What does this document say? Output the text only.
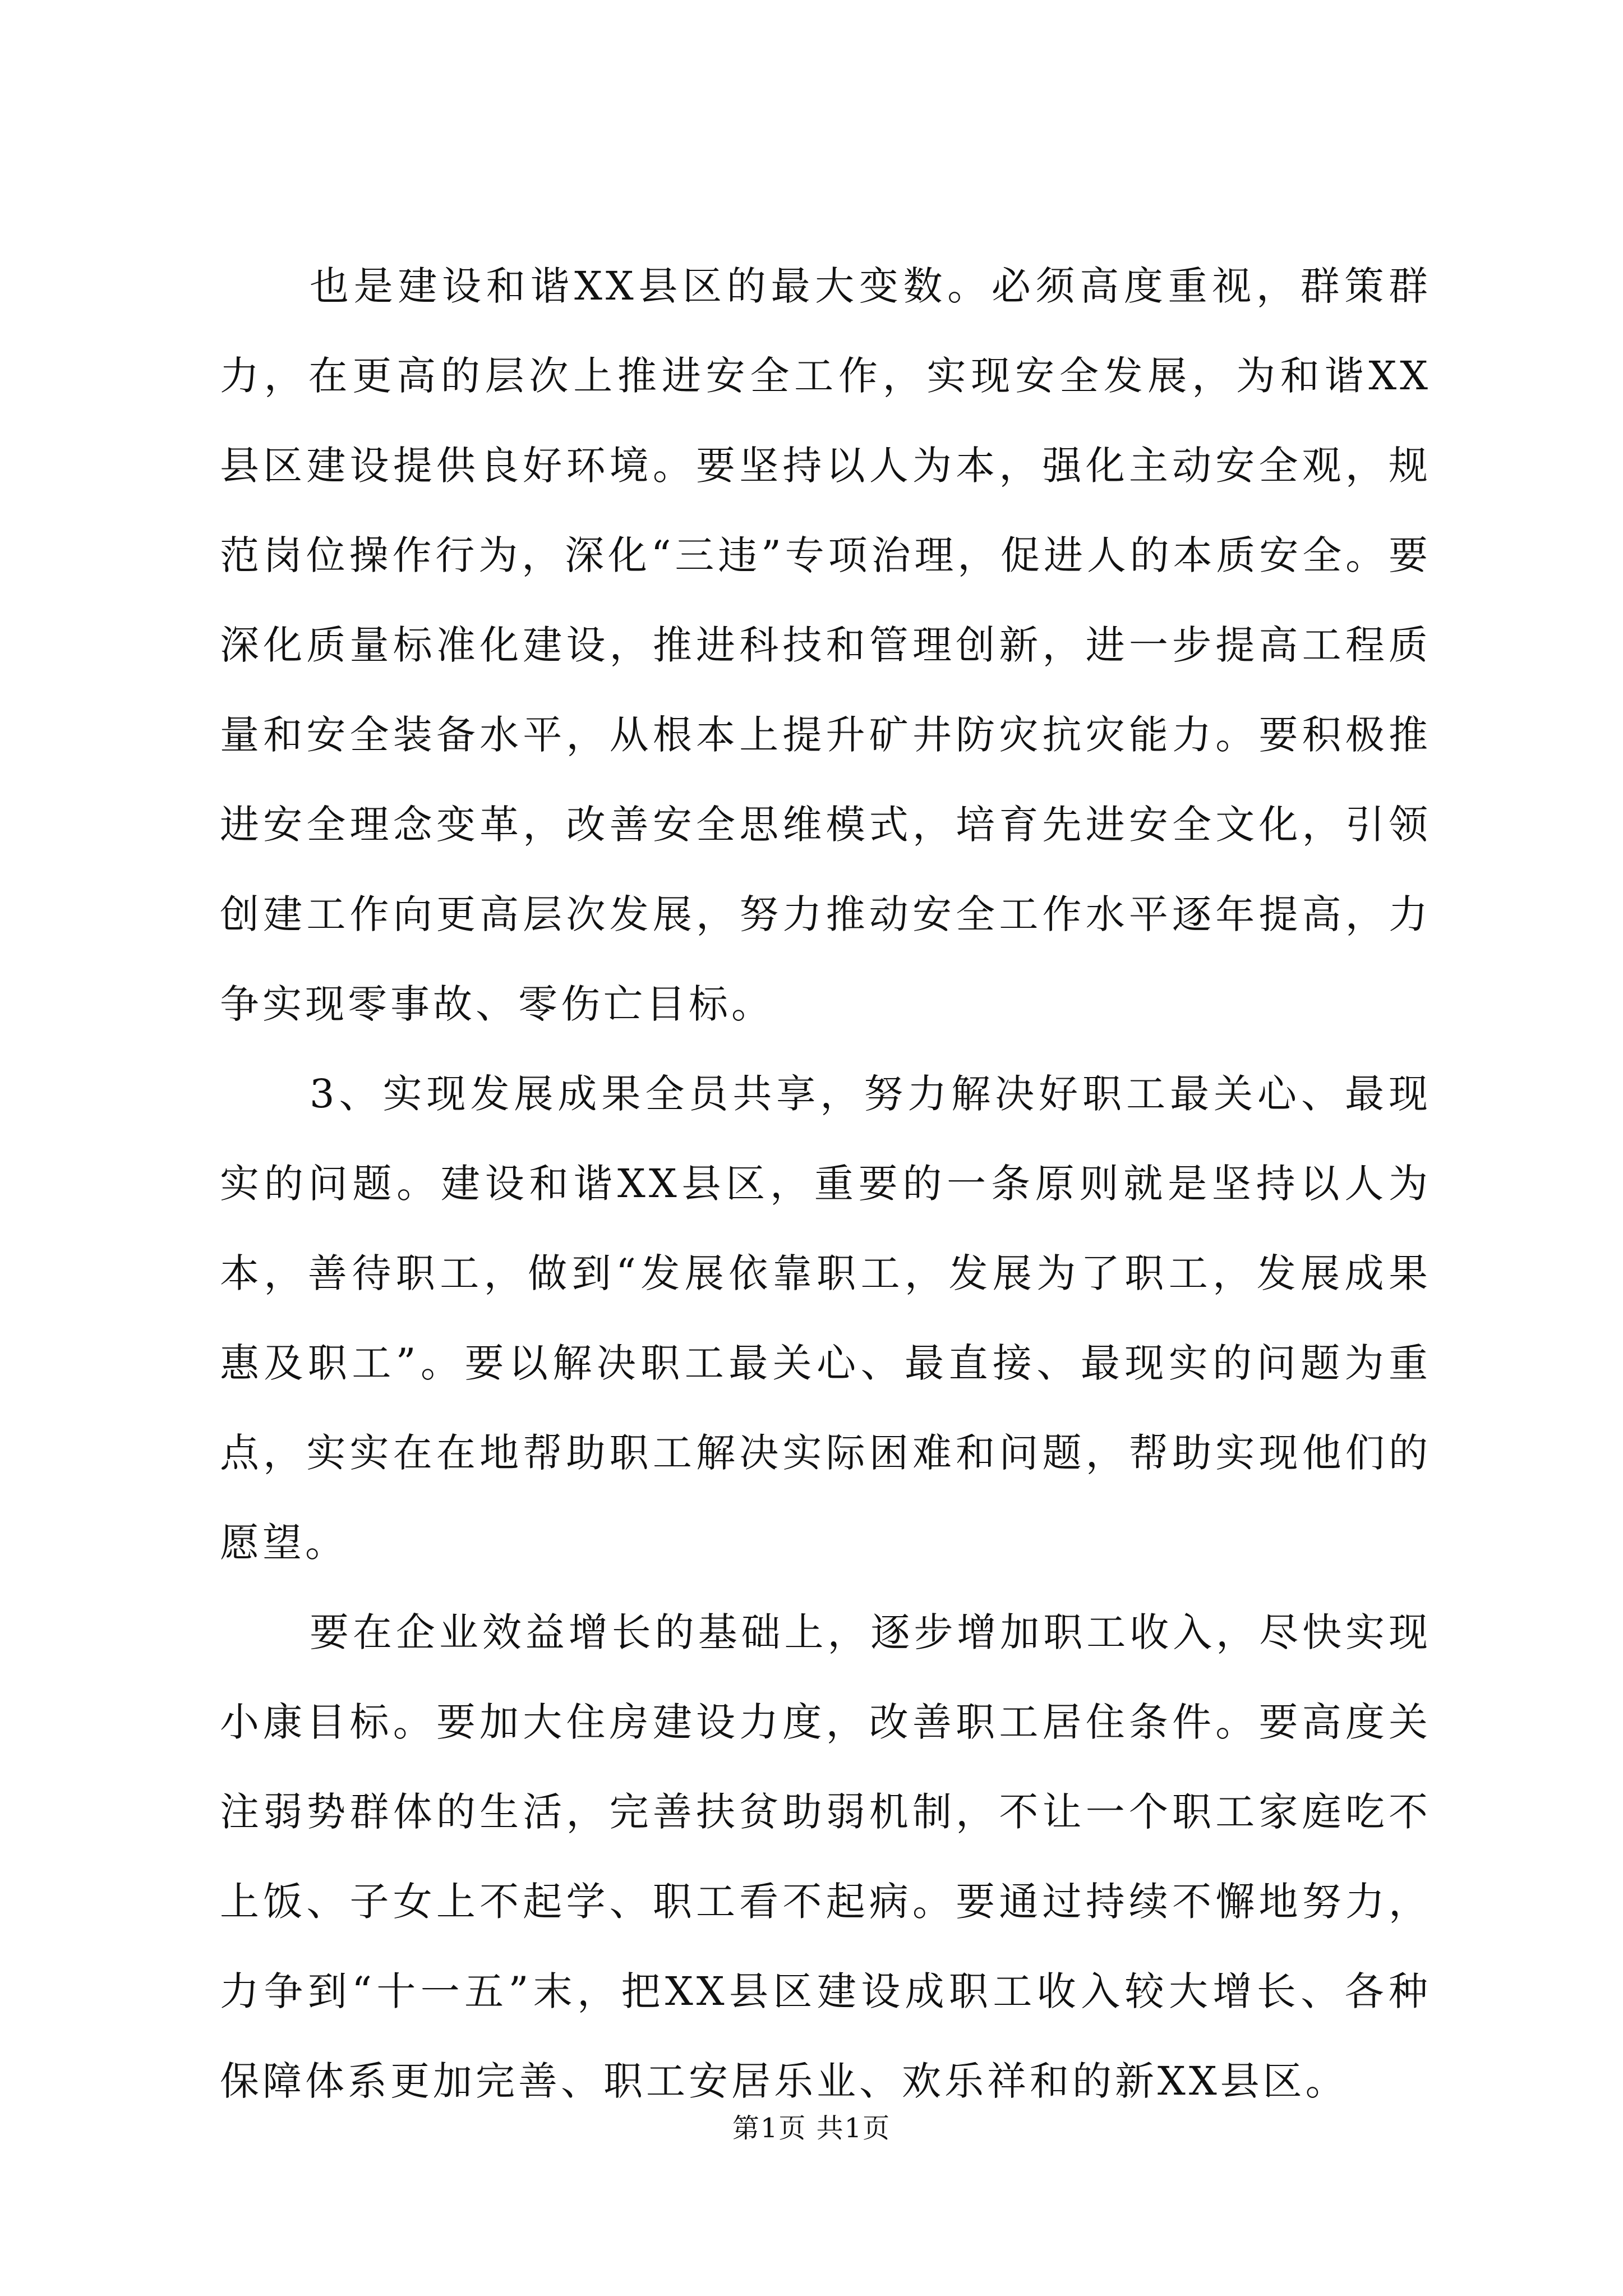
也是建设和谐XX县区的最大变数。必须高度重视，群策群力，在更高的层次上推进安全工作，实现安全发展，为和谐XX县区建设提供良好环境。要坚持以人为本，强化主动安全观，规范岗位操作行为，深化“三违”专项治理，促进人的本质安全。要深化质量标准化建设，推进科技和管理创新，进一步提高工程质量和安全装备水平，从根本上提升矿井防灾抗灾能力。要积极推进安全理念变革，改善安全思维模式，培育先进安全文化，引领创建工作向更高层次发展，努力推动安全工作水平逐年提高，力争实现零事故、零伤亡目标。

3、实现发展成果全员共享，努力解决好职工最关心、最现实的问题。建设和谐XX县区，重要的一条原则就是坚持以人为本，善待职工，做到“发展依靠职工，发展为了职工，发展成果惠及职工”。要以解决职工最关心、最直接、最现实的问题为重点，实实在在地帮助职工解决实际困难和问题，帮助实现他们的愿望。

要在企业效益增长的基础上，逐步增加职工收入，尽快实现小康目标。要加大住房建设力度，改善职工居住条件。要高度关注弱势群体的生活，完善扶贫助弱机制，不让一个职工家庭吃不上饭、子女上不起学、职工看不起病。要通过持续不懈地努力，力争到“十一五”末，把XX县区建设成职工收入较大增长、各种保障体系更加完善、职工安居乐业、欢乐祥和的新XX县区。

第1页 共1页
